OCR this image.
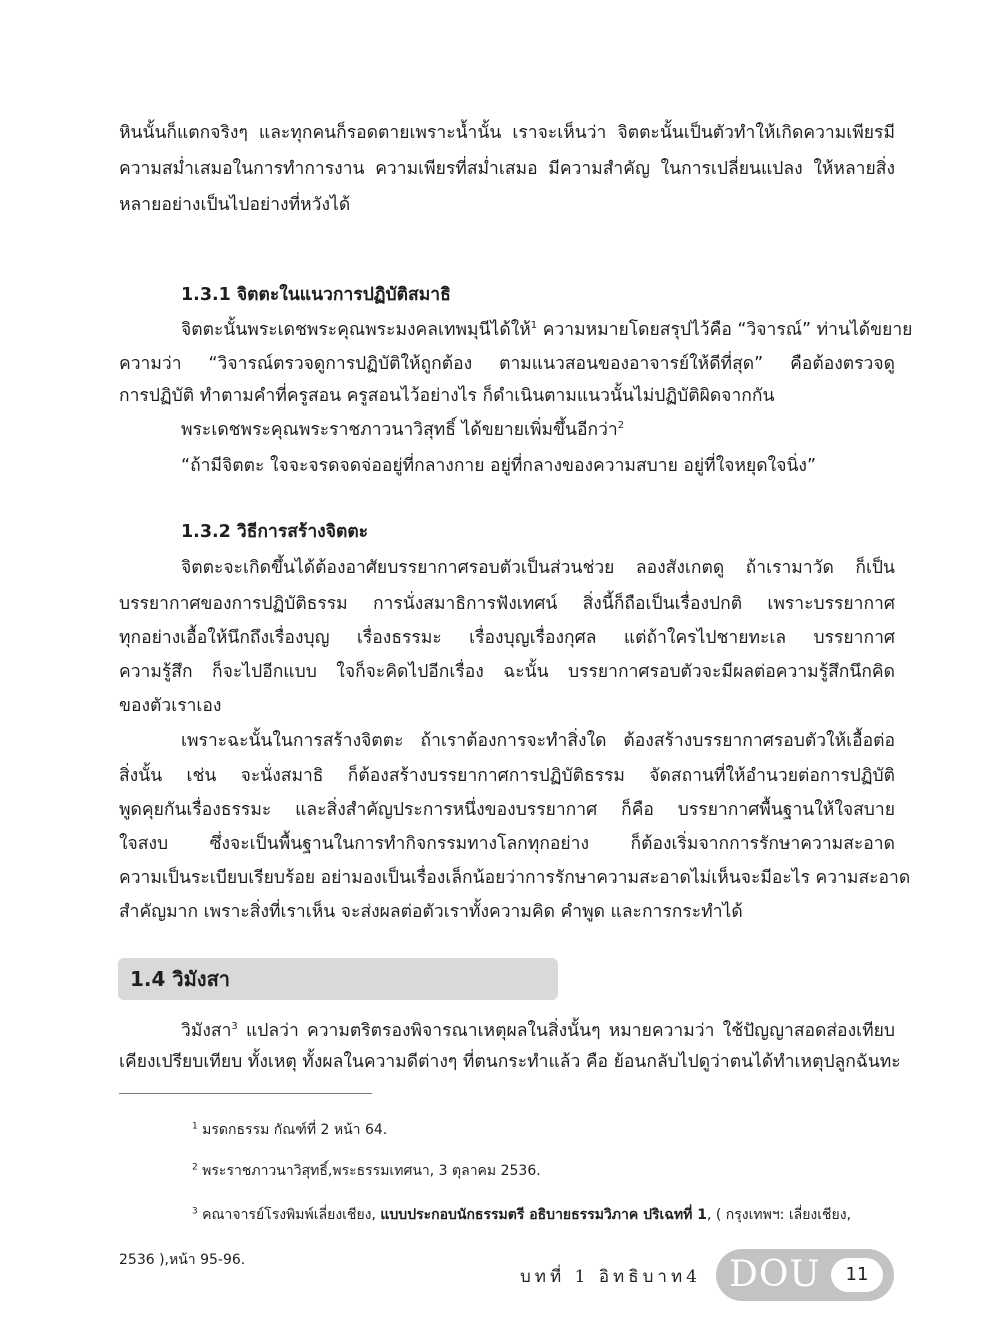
หินนั้นก็แตกจริงๆ และทุกคนก็รอดตายเพราะน้ำนั้น เราจะเห็นว่า จิตตะนั้นเป็นตัวทำให้เกิดความเพียรมี
ความสม่ำเสมอในการทำการงาน ความเพียรที่สม่ำเสมอ มีความสำคัญ ในการเปลี่ยนแปลง ให้หลายสิ่ง
หลายอย่างเป็นไปอย่างที่หวังได้
1.3.1 จิตตะในแนวการปฏิบัติสมาธิ
จิตตะนั้นพระเดชพระคุณพระมงคลเทพมุนีได้ให้$^1$ ความหมายโดยสรุปไว้คือ “วิจารณ์” ท่านได้ขยาย
ความว่า “วิจารณ์ตรวจดูการปฏิบัติให้ถูกต้อง ตามแนวสอนของอาจารย์ให้ดีที่สุด” คือต้องตรวจดู
การปฏิบัติ ทำตามคำที่ครูสอน ครูสอนไว้อย่างไร ก็ดำเนินตามแนวนั้นไม่ปฏิบัติผิดจากกัน
พระเดชพระคุณพระราชภาวนาวิสุทธิ์ ได้ขยายเพิ่มขึ้นอีกว่า$^2$
“ถ้ามีจิตตะ ใจจะจรดจดจ่ออยู่ที่กลางกาย อยู่ที่กลางของความสบาย อยู่ที่ใจหยุดใจนิ่ง”
1.3.2 วิธีการสร้างจิตตะ
จิตตะจะเกิดขึ้นได้ต้องอาศัยบรรยากาศรอบตัวเป็นส่วนช่วย ลองสังเกตดู ถ้าเรามาวัด ก็เป็น
บรรยากาศของการปฏิบัติธรรม การนั่งสมาธิการฟังเทศน์ สิ่งนี้ก็ถือเป็นเรื่องปกติ เพราะบรรยากาศ
ทุกอย่างเอื้อให้นึกถึงเรื่องบุญ เรื่องธรรมะ เรื่องบุญเรื่องกุศล แต่ถ้าใครไปชายทะเล บรรยากาศ
ความรู้สึก ก็จะไปอีกแบบ ใจก็จะคิดไปอีกเรื่อง ฉะนั้น บรรยากาศรอบตัวจะมีผลต่อความรู้สึกนึกคิด
ของตัวเราเอง
เพราะฉะนั้นในการสร้างจิตตะ ถ้าเราต้องการจะทำสิ่งใด ต้องสร้างบรรยากาศรอบตัวให้เอื้อต่อ
สิ่งนั้น เช่น จะนั่งสมาธิ ก็ต้องสร้างบรรยากาศการปฏิบัติธรรม จัดสถานที่ให้อำนวยต่อการปฏิบัติ
พูดคุยกันเรื่องธรรมะ และสิ่งสำคัญประการหนึ่งของบรรยากาศ ก็คือ บรรยากาศพื้นฐานให้ใจสบาย
ใจสงบ ซึ่งจะเป็นพื้นฐานในการทำกิจกรรมทางโลกทุกอย่าง ก็ต้องเริ่มจากการรักษาความสะอาด
ความเป็นระเบียบเรียบร้อย อย่ามองเป็นเรื่องเล็กน้อยว่าการรักษาความสะอาดไม่เห็นจะมีอะไร ความสะอาด
สำคัญมาก เพราะสิ่งที่เราเห็น จะส่งผลต่อตัวเราทั้งความคิด คำพูด และการกระทำได้
1.4 วิมังสา
วิมังสา$^3$ แปลว่า ความตริตรองพิจารณาเหตุผลในสิ่งนั้นๆ หมายความว่า ใช้ปัญญาสอดส่องเทียบ
เคียงเปรียบเทียบ ทั้งเหตุ ทั้งผลในความดีต่างๆ ที่ตนกระทำแล้ว คือ ย้อนกลับไปดูว่าตนได้ทำเหตุปลูกฉันทะ
$^1$ มรดกธรรม กัณฑ์ที่ 2 หน้า 64.
$^2$ พระราชภาวนาวิสุทธิ์,พระธรรมเทศนา, 3 ตุลาคม 2536.
$^3$ คณาจารย์โรงพิมพ์เลี่ยงเชียง, แบบประกอบนักธรรมตรี อธิบายธรรมวิภาค ปริเฉทที่ 1, ( กรุงเทพฯ: เลี่ยงเชียง,
2536 ),หน้า 95-96.
บทที่ 1 อิทธิบาท4 DOU	11
